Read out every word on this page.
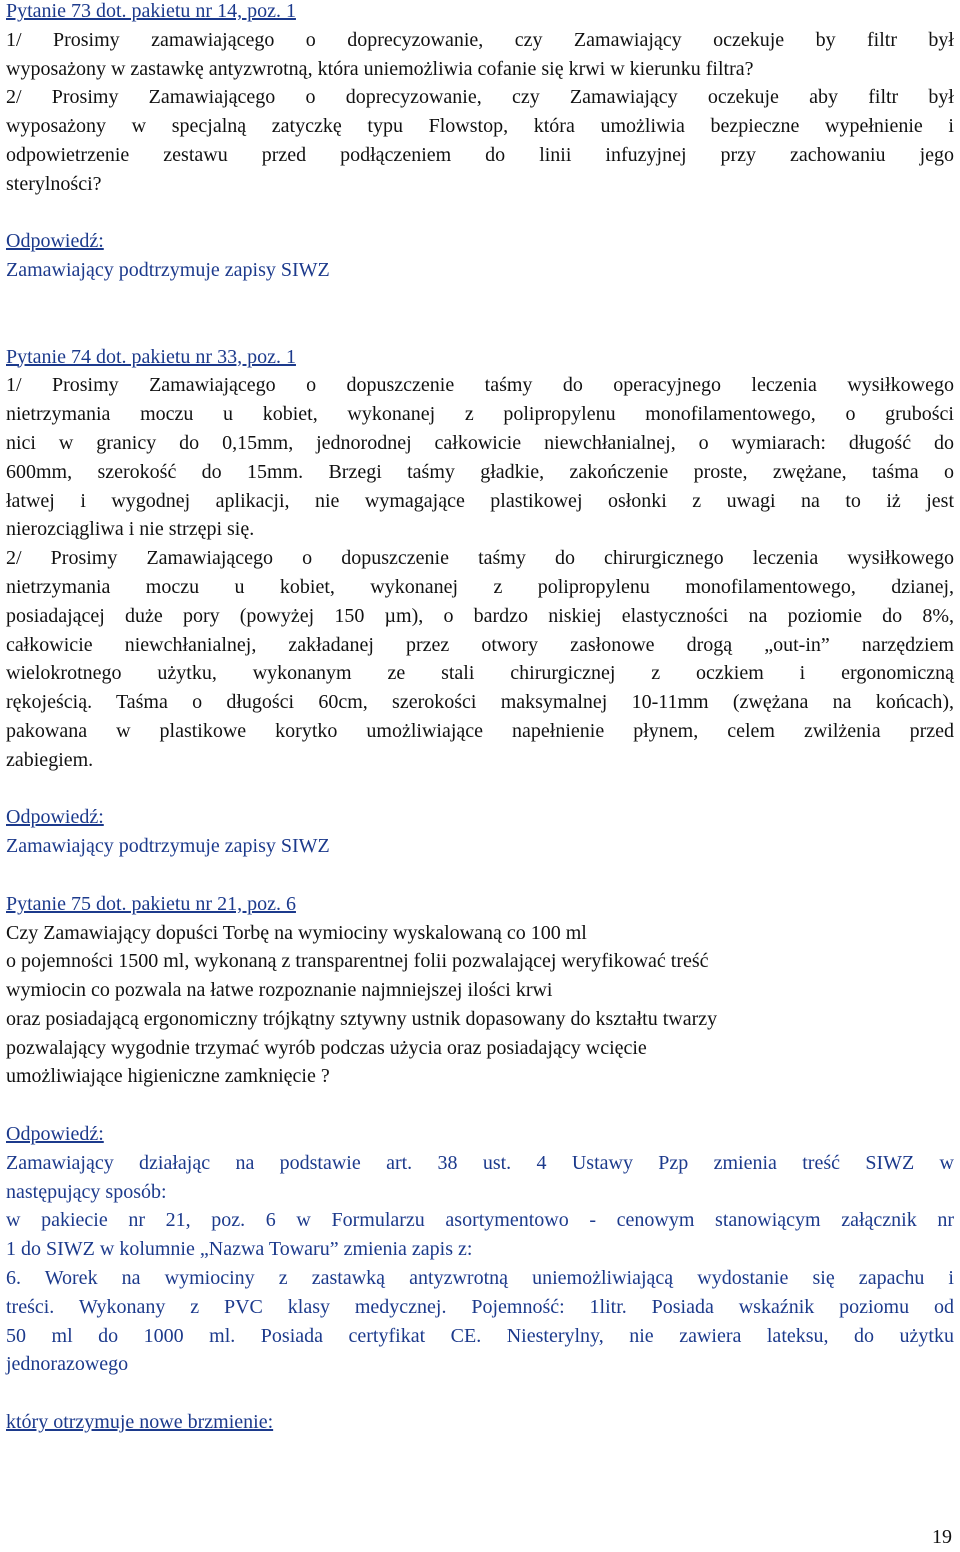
Pytanie 73 dot. pakietu nr 14, poz. 1
1/ Prosimy zamawiającego o doprecyzowanie, czy Zamawiający oczekuje by filtr był
wyposażony w zastawkę antyzwrotną, która uniemożliwia cofanie się krwi w kierunku filtra?
2/ Prosimy Zamawiającego o doprecyzowanie, czy Zamawiający oczekuje aby filtr był
wyposażony w specjalną zatyczkę typu Flowstop, która umożliwia bezpieczne wypełnienie i
odpowietrzenie zestawu przed podłączeniem do linii infuzyjnej przy zachowaniu jego
sterylności?
Odpowiedź:
Zamawiający podtrzymuje zapisy SIWZ
Pytanie 74 dot. pakietu nr 33, poz. 1
1/ Prosimy Zamawiającego o dopuszczenie taśmy do operacyjnego leczenia wysiłkowego
nietrzymania moczu u kobiet, wykonanej z polipropylenu monofilamentowego, o grubości
nici w granicy do 0,15mm, jednorodnej całkowicie niewchłanialnej, o wymiarach: długość do
600mm, szerokość do 15mm. Brzegi taśmy gładkie, zakończenie proste, zwężane, taśma o
łatwej i wygodnej aplikacji, nie wymagające plastikowej osłonki z uwagi na to iż jest
nierozciągliwa i nie strzępi się.
2/ Prosimy Zamawiającego o dopuszczenie taśmy do chirurgicznego leczenia wysiłkowego
nietrzymania moczu u kobiet, wykonanej z polipropylenu monofilamentowego, dzianej,
posiadającej duże pory (powyżej 150 µm), o bardzo niskiej elastyczności na poziomie do 8%,
całkowicie niewchłanialnej, zakładanej przez otwory zasłonowe drogą „out-in” narzędziem
wielokrotnego użytku, wykonanym ze stali chirurgicznej z oczkiem i ergonomiczną
rękojeścią. Taśma o długości 60cm, szerokości maksymalnej 10-11mm (zwężana na końcach),
pakowana w plastikowe korytko umożliwiające napełnienie płynem, celem zwilżenia przed
zabiegiem.
Odpowiedź:
Zamawiający podtrzymuje zapisy SIWZ
Pytanie 75 dot. pakietu nr 21, poz. 6
Czy Zamawiający dopuści Torbę na wymiociny wyskalowaną co 100 ml
o pojemności 1500 ml, wykonaną z transparentnej folii pozwalającej weryfikować treść
wymiocin co pozwala na łatwe rozpoznanie najmniejszej ilości krwi
oraz posiadającą ergonomiczny trójkątny sztywny ustnik dopasowany do kształtu twarzy
pozwalający wygodnie trzymać wyrób podczas użycia oraz posiadający wcięcie
umożliwiające higieniczne zamknięcie ?
Odpowiedź:
Zamawiający działając na podstawie art. 38 ust. 4 Ustawy Pzp zmienia treść SIWZ w
następujący sposób:
w pakiecie nr 21, poz. 6 w Formularzu asortymentowo - cenowym stanowiącym załącznik nr
1 do SIWZ w kolumnie „Nazwa Towaru” zmienia zapis z:
6. Worek na wymiociny z zastawką antyzwrotną uniemożliwiającą wydostanie się zapachu i
treści. Wykonany z PVC klasy medycznej. Pojemność: 1litr. Posiada wskaźnik poziomu od
50 ml do 1000 ml. Posiada certyfikat CE. Niesterylny, nie zawiera lateksu, do użytku
jednorazowego
który otrzymuje nowe brzmienie:
19
